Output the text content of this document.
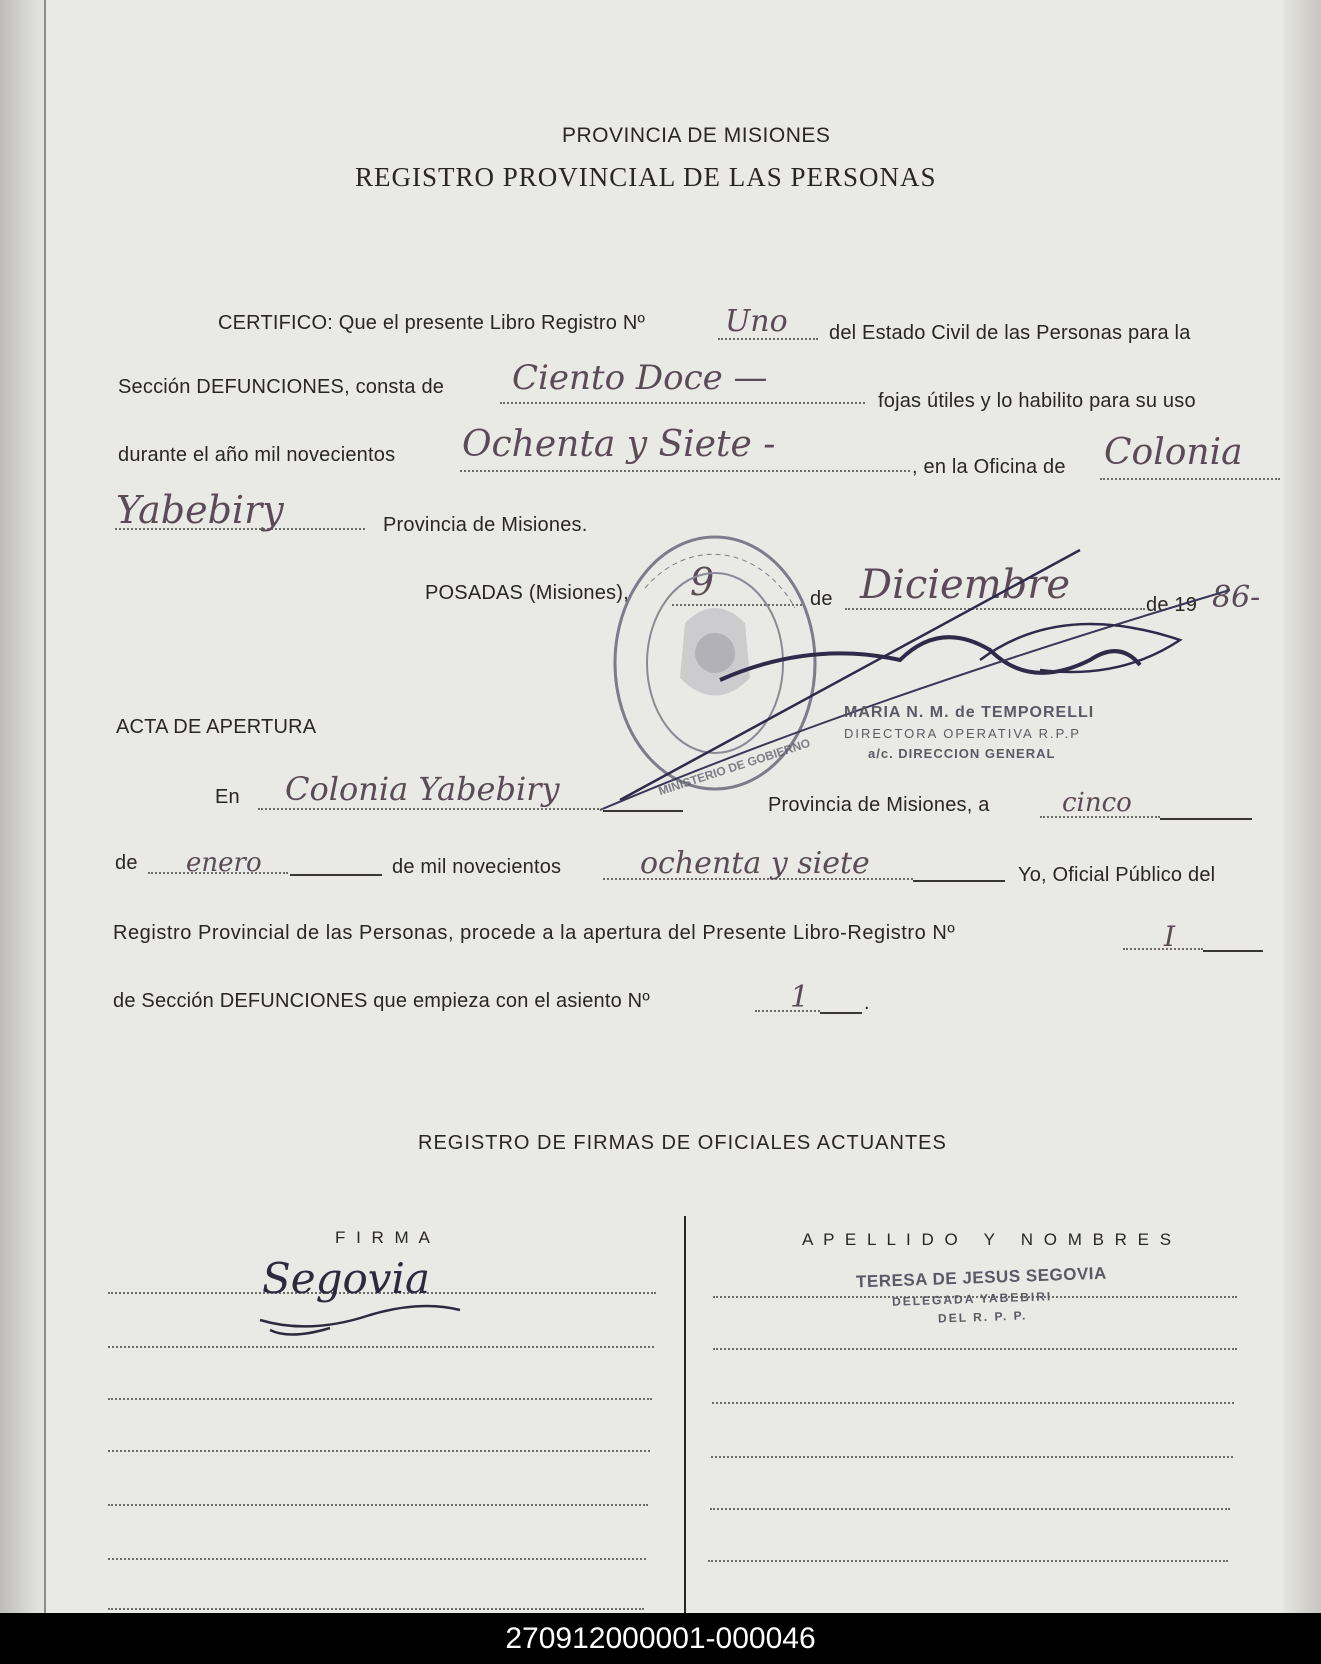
PROVINCIA DE MISIONES
REGISTRO PROVINCIAL DE LAS PERSONAS
CERTIFICO: Que el presente Libro Registro Nº	Uno del Estado Civil de las Personas para la
Sección DEFUNCIONES, consta de Ciento Doce —
fojas útiles y lo habilito para su uso
durante el año mil novecientos Ochenta y Siete -
, en la Oficina de Colonia
Yabebiry	Provincia de Misiones.
POSADAS (Misiones), 9	de Diciembre	de 19 86-
MINISTERIO DE GOBIERNO
MARIA N. M. de TEMPORELLI
DIRECTORA OPERATIVA R.P.P
a/c. DIRECCION GENERAL
ACTA DE APERTURA
En Colonia Yabebiry	Provincia de Misiones, a	cinco
de enero	de mil novecientos	ochenta y siete	Yo, Oficial Público del
Registro Provincial de las Personas, procede a la apertura del Presente Libro-Registro Nº	I
de Sección DEFUNCIONES que empieza con el asiento Nº	1	.
REGISTRO DE FIRMAS DE OFICIALES ACTUANTES
F I R M A	A P E L L I D O   Y   N O M B R E S
Segovia	TERESA DE JESUS SEGOVIA
DELEGADA YABEBIRI
DEL R. P. P.
270912000001-000046
